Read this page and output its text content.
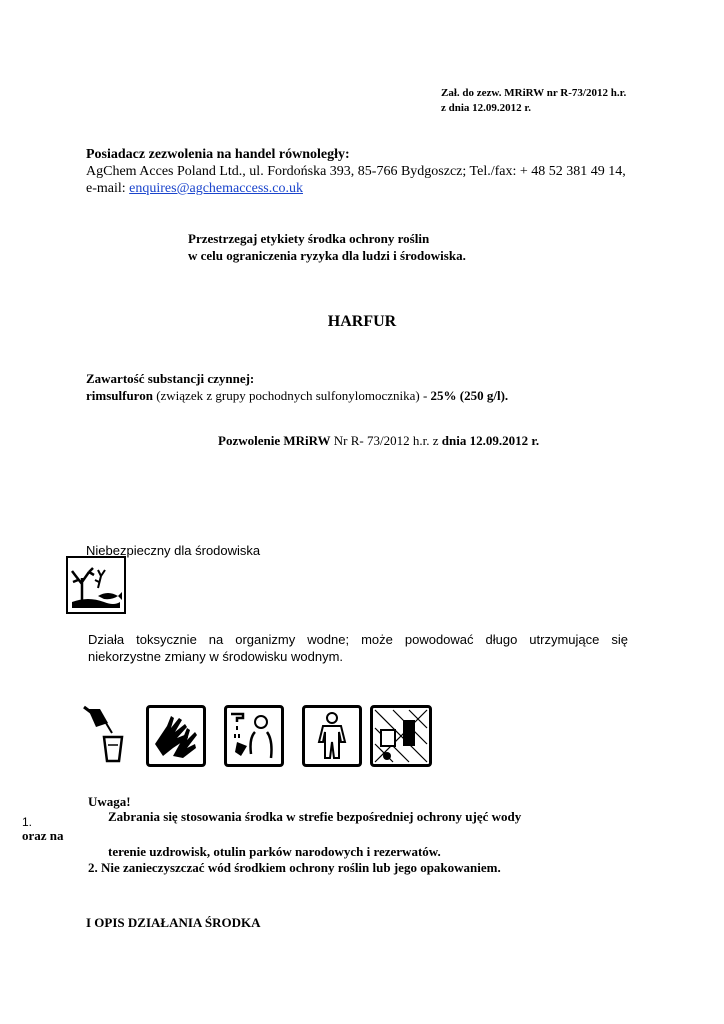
Zał. do zezw. MRiRW nr R-73/2012 h.r.
z dnia 12.09.2012 r.
Posiadacz zezwolenia na handel równoległy:
AgChem Acces Poland Ltd., ul. Fordońska 393, 85-766 Bydgoszcz; Tel./fax: + 48 52 381 49 14,
e-mail: enquires@agchemaccess.co.uk
Przestrzegaj etykiety środka ochrony roślin
w celu ograniczenia ryzyka dla ludzi i środowiska.
HARFUR
Zawartość substancji czynnej:
rimsulfuron (związek z grupy pochodnych sulfonylomocznika) - 25% (250 g/l).
Pozwolenie MRiRW Nr R- 73/2012 h.r. z dnia 12.09.2012 r.
Niebezpieczny dla środowiska
Działa toksycznie na organizmy wodne; może powodować długo utrzymujące się niekorzystne zmiany w środowisku wodnym.
Uwaga!
1.	Zabrania się stosowania środka w strefie bezpośredniej ochrony ujęć wody
oraz na
terenie uzdrowisk, otulin parków narodowych i rezerwatów.
2. Nie zanieczyszczać wód środkiem ochrony roślin lub jego opakowaniem.
I OPIS DZIAŁANIA ŚRODKA
